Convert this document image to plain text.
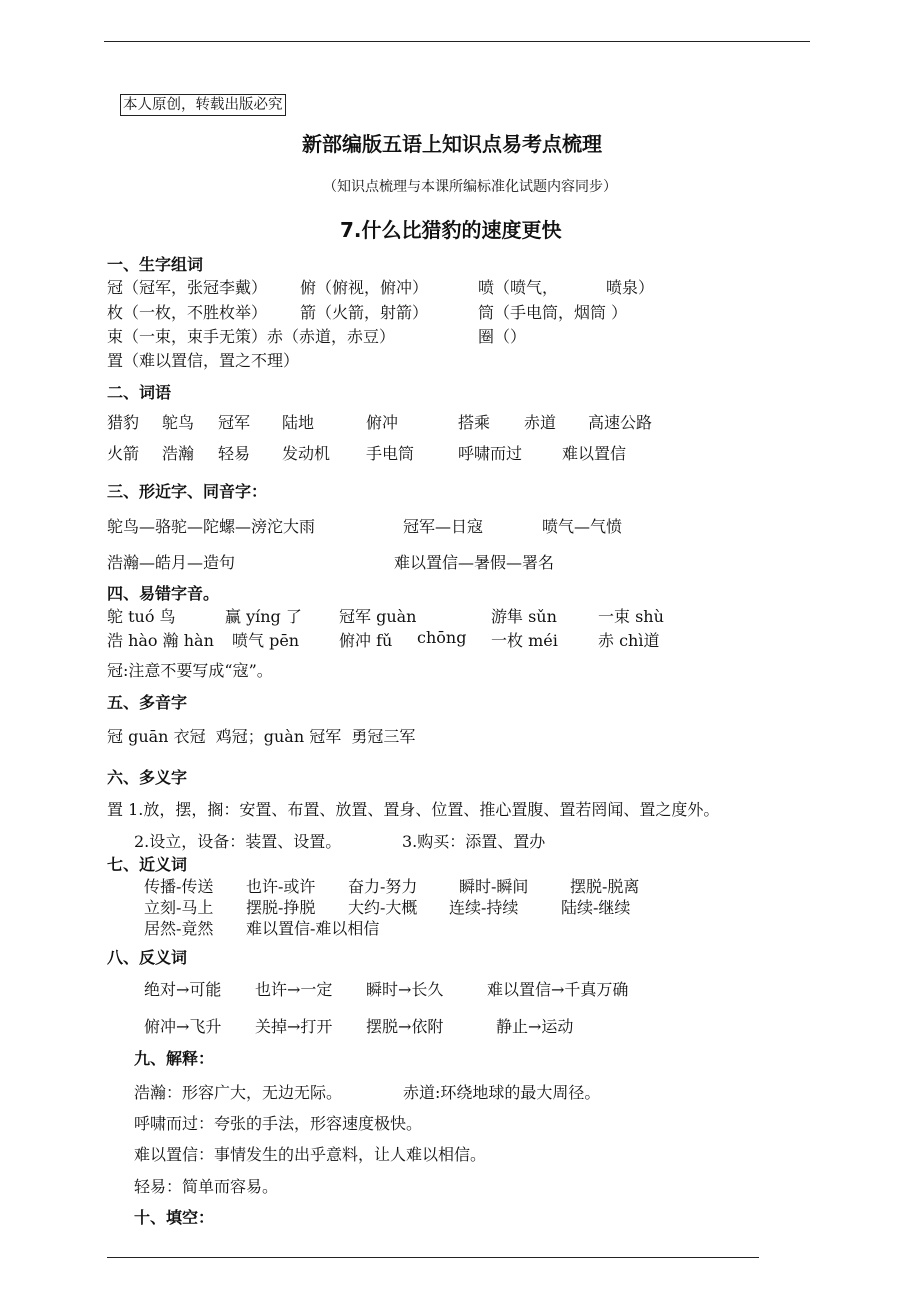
本人原创，转载出版必究
新部编版五语上知识点易考点梳理
（知识点梳理与本课所编标准化试题内容同步）
7.什么比猎豹的速度更快
一、生字组词
冠（冠军，张冠李戴） 俯（俯视，俯冲）	喷（喷气，	喷泉）
枚（一枚，不胜枚举） 箭（火箭，射箭）	筒（手电筒，烟筒 ）
束（一束，束手无策）赤（赤道，赤豆）	圈（）
置（难以置信，置之不理）
二、词语
猎豹 鸵鸟 冠军 陆地	俯冲	搭乘 赤道 高速公路
火箭 浩瀚 轻易 发动机 手电筒	呼啸而过 难以置信
三、形近字、同音字：
鸵鸟—骆驼—陀螺—滂沱大雨	冠军—日寇	喷气—气愤
浩瀚—皓月—造句	难以置信—暑假—署名
四、易错字音。
鸵 tuó 鸟	赢 yíng 了 冠军 guàn	游隼 sǔn	一束 shù
浩 hào 瀚 hàn 喷气 pēn 俯冲 fǔ chōng 一枚 méi	赤 chì道
冠:注意不要写成“寇”。
五、多音字
冠 guān 衣冠  鸡冠；guàn 冠军  勇冠三军
六、多义字
置 1.放，摆，搁：安置、布置、放置、置身、位置、推心置腹、置若罔闻、置之度外。
2.设立，设备：装置、设置。	3.购买：添置、置办
七、近义词
传播-传送 也许-或许 奋力-努力	瞬时-瞬间	摆脱-脱离
立刻-马上 摆脱-挣脱 大约-大概 连续-持续	陆续-继续
居然-竟然 难以置信-难以相信
八、反义词
绝对→可能 也许→一定 瞬时→长久	难以置信→千真万确
俯冲→飞升 关掉→打开 摆脱→依附	静止→运动
九、解释：
浩瀚：形容广大，无边无际。	赤道:环绕地球的最大周径。
呼啸而过：夸张的手法，形容速度极快。
难以置信：事情发生的出乎意料，让人难以相信。
轻易：简单而容易。
十、填空：
